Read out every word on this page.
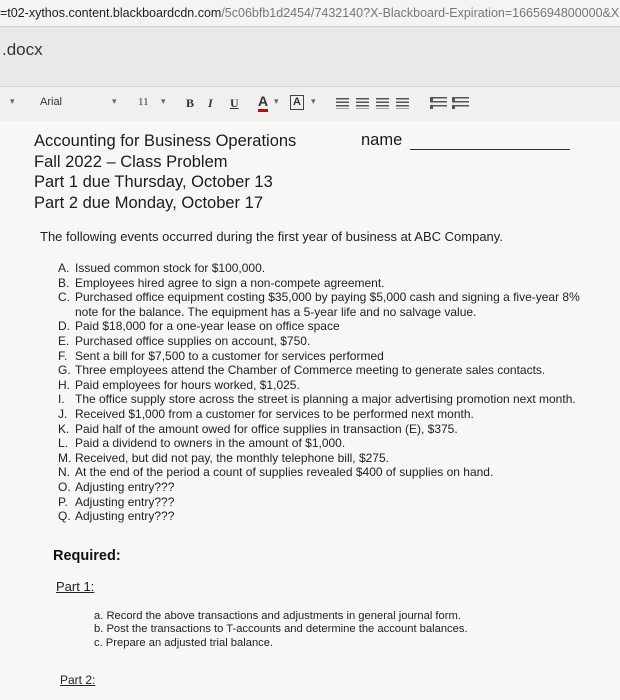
=t02-xythos.content.blackboardcdn.com/5c06bfb1d2454/7432140?X-Blackboard-Expiration=1665694800000&X
.docx
▾ Arial	▾ 11 ▾ B I U A ▾ A	▾
Accounting for Business Operations
Fall 2022 – Class Problem
Part 1 due Thursday, October 13
Part 2 due Monday, October 17
name
The following events occurred during the first year of business at ABC Company.
A. Issued common stock for $100,000.
B. Employees hired agree to sign a non-compete agreement.
C. Purchased office equipment costing $35,000 by paying $5,000 cash and signing a five-year 8% note for the balance. The equipment has a 5-year life and no salvage value.
D. Paid $18,000 for a one-year lease on office space
E. Purchased office supplies on account, $750.
F. Sent a bill for $7,500 to a customer for services performed
G. Three employees attend the Chamber of Commerce meeting to generate sales contacts.
H. Paid employees for hours worked, $1,025.
I. The office supply store across the street is planning a major advertising promotion next month.
J. Received $1,000 from a customer for services to be performed next month.
K. Paid half of the amount owed for office supplies in transaction (E), $375.
L. Paid a dividend to owners in the amount of $1,000.
M. Received, but did not pay, the monthly telephone bill, $275.
N. At the end of the period a count of supplies revealed $400 of supplies on hand.
O. Adjusting entry???
P. Adjusting entry???
Q. Adjusting entry???
Required:
Part 1:
a. Record the above transactions and adjustments in general journal form.
b. Post the transactions to T-accounts and determine the account balances.
c. Prepare an adjusted trial balance.
Part 2:
